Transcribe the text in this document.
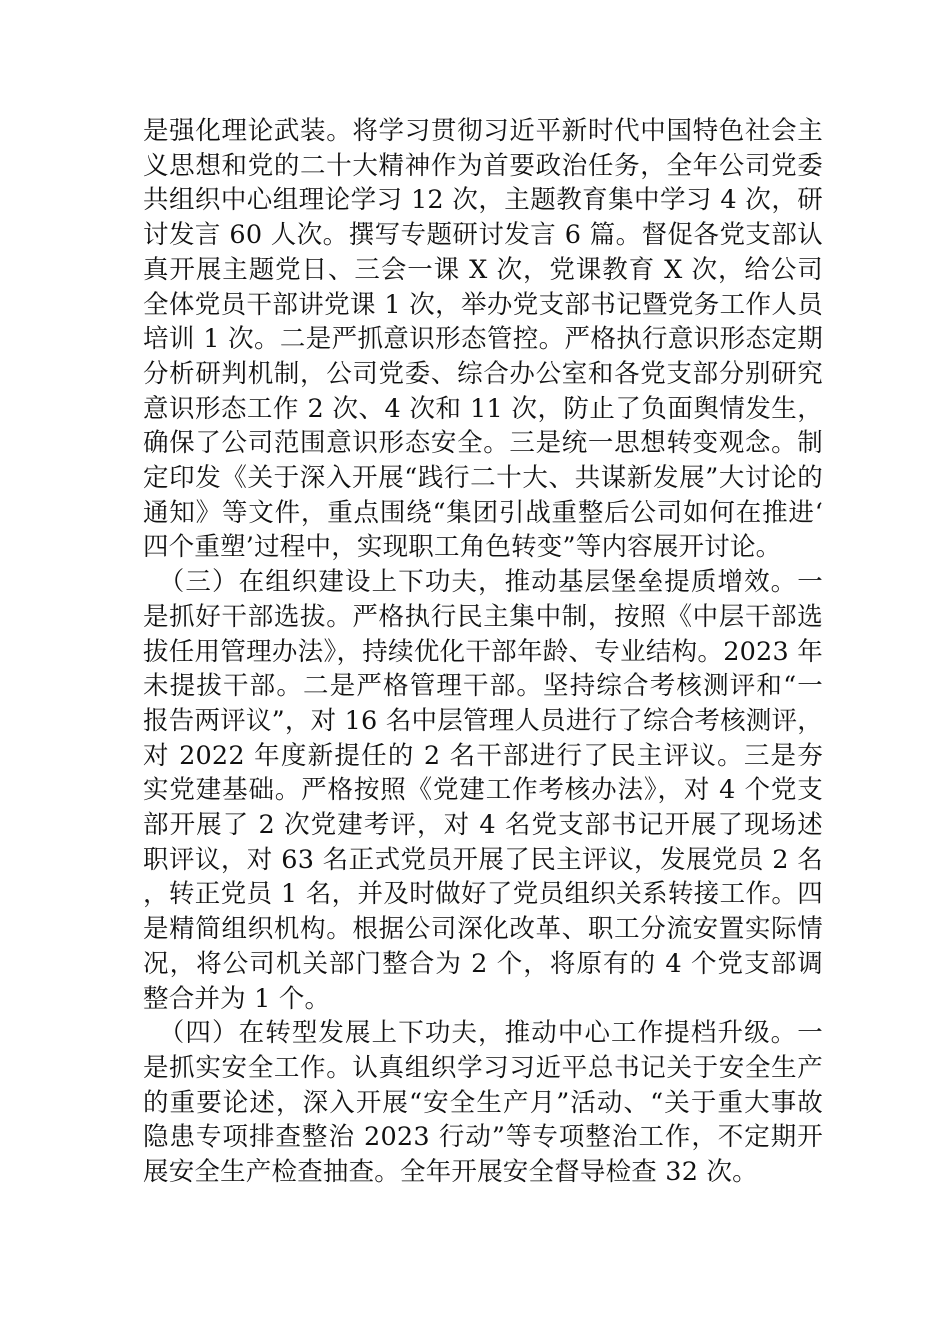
是强化理论武装。将学习贯彻习近平新时代中国特色社会主义思想和党的二十大精神作为首要政治任务，全年公司党委共组织中心组理论学习 12 次，主题教育集中学习 4 次，研讨发言 60 人次。撰写专题研讨发言 6 篇。督促各党支部认真开展主题党日、三会一课 X 次，党课教育 X 次，给公司全体党员干部讲党课 1 次，举办党支部书记暨党务工作人员培训 1 次。二是严抓意识形态管控。严格执行意识形态定期分析研判机制，公司党委、综合办公室和各党支部分别研究意识形态工作 2 次、4 次和 11 次，防止了负面舆情发生，确保了公司范围意识形态安全。三是统一思想转变观念。制定印发《关于深入开展“践行二十大、共谋新发展”大讨论的通知》等文件，重点围绕“集团引战重整后公司如何在推进‘四个重塑’过程中，实现职工角色转变”等内容展开讨论。

（三）在组织建设上下功夫，推动基层堡垒提质增效。一是抓好干部选拔。严格执行民主集中制，按照《中层干部选拔任用管理办法》，持续优化干部年龄、专业结构。2023 年未提拔干部。二是严格管理干部。坚持综合考核测评和“一报告两评议”，对 16 名中层管理人员进行了综合考核测评，对 2022 年度新提任的 2 名干部进行了民主评议。三是夯实党建基础。严格按照《党建工作考核办法》，对 4 个党支部开展了 2 次党建考评，对 4 名党支部书记开展了现场述职评议，对 63 名正式党员开展了民主评议，发展党员 2 名，转正党员 1 名，并及时做好了党员组织关系转接工作。四是精简组织机构。根据公司深化改革、职工分流安置实际情况，将公司机关部门整合为 2 个，将原有的 4 个党支部调整合并为 1 个。

（四）在转型发展上下功夫，推动中心工作提档升级。一是抓实安全工作。认真组织学习习近平总书记关于安全生产的重要论述，深入开展“安全生产月”活动、“关于重大事故隐患专项排查整治 2023 行动”等专项整治工作，不定期开展安全生产检查抽查。全年开展安全督导检查 32 次。
